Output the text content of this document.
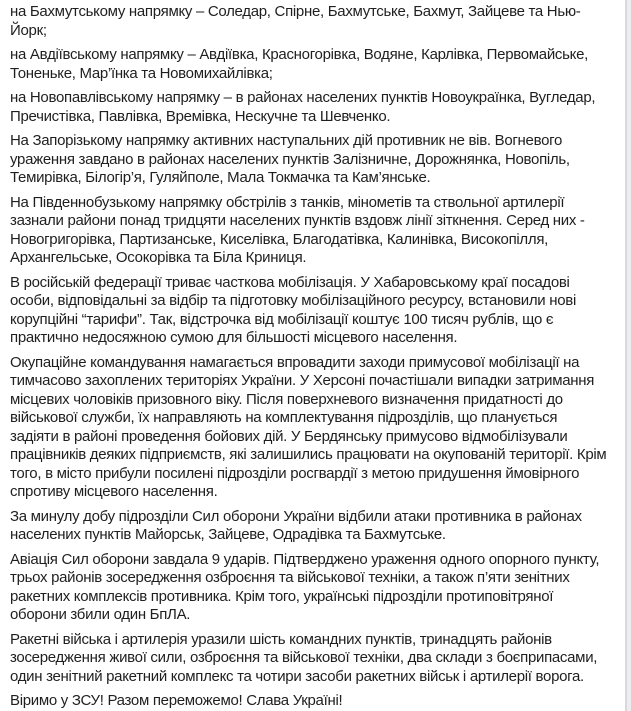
на Бахмутському напрямку – Соледар, Спірне, Бахмутське, Бахмут, Зайцеве та Нью-Йорк;

на Авдіївському напрямку – Авдіївка, Красногорівка, Водяне, Карлівка, Первомайське, Тоненьке, Мар’їнка та Новомихайлівка;

на Новопавлівському напрямку – в районах населених пунктів Новоукраїнка, Вугледар, Пречистівка, Павлівка, Времівка, Нескучне та Шевченко.

На Запорізькому напрямку активних наступальних дій противник не вів. Вогневого ураження завдано в районах населених пунктів Залізничне, Дорожнянка, Новопіль, Темирівка, Білогір’я, Гуляйполе, Мала Токмачка та Кам’янське.

На Південнобузькому напрямку обстрілів з танків, мінометів та ствольної артилерії зазнали райони понад тридцяти населених пунктів вздовж лінії зіткнення. Серед них - Новогригорівка, Партизанське, Киселівка, Благодатівка, Калинівка, Високопілля, Архангельське, Осокорівка та Біла Криниця.

В російській федерації триває часткова мобілізація. У Хабаровському краї посадові особи, відповідальні за відбір та підготовку мобілізаційного ресурсу, встановили нові корупційні “тарифи”. Так, відстрочка від мобілізації коштує 100 тисяч рублів, що є практично недосяжною сумою для більшості місцевого населення.

Окупаційне командування намагається впровадити заходи примусової мобілізації на тимчасово захоплених територіях України. У Херсоні почастішали випадки затримання місцевих чоловіків призовного віку. Після поверхневого визначення придатності до військової служби, їх направляють на комплектування підрозділів, що планується задіяти в районі проведення бойових дій. У Бердянську примусово відмобілізували працівників деяких підприємств, які залишились працювати на окупованій території. Крім того, в місто прибули посилені підрозділи росгвардії з метою придушення ймовірного спротиву місцевого населення.

За минулу добу підрозділи Сил оборони України відбили атаки противника в районах населених пунктів Майорськ, Зайцеве, Одрадівка та Бахмутське.

Авіація Сил оборони завдала 9 ударів. Підтверджено ураження одного опорного пункту, трьох районів зосередження озброєння та військової техніки, а також п’яти зенітних ракетних комплексів противника. Крім того, українські підрозділи протиповітряної оборони збили один БпЛА.

Ракетні війська і артилерія уразили шість командних пунктів, тринадцять районів зосередження живої сили, озброєння та військової техніки, два склади з боєприпасами, один зенітний ракетний комплекс та чотири засоби ракетних військ і артилерії ворога.

Віримо у ЗСУ! Разом переможемо! Слава Україні!
